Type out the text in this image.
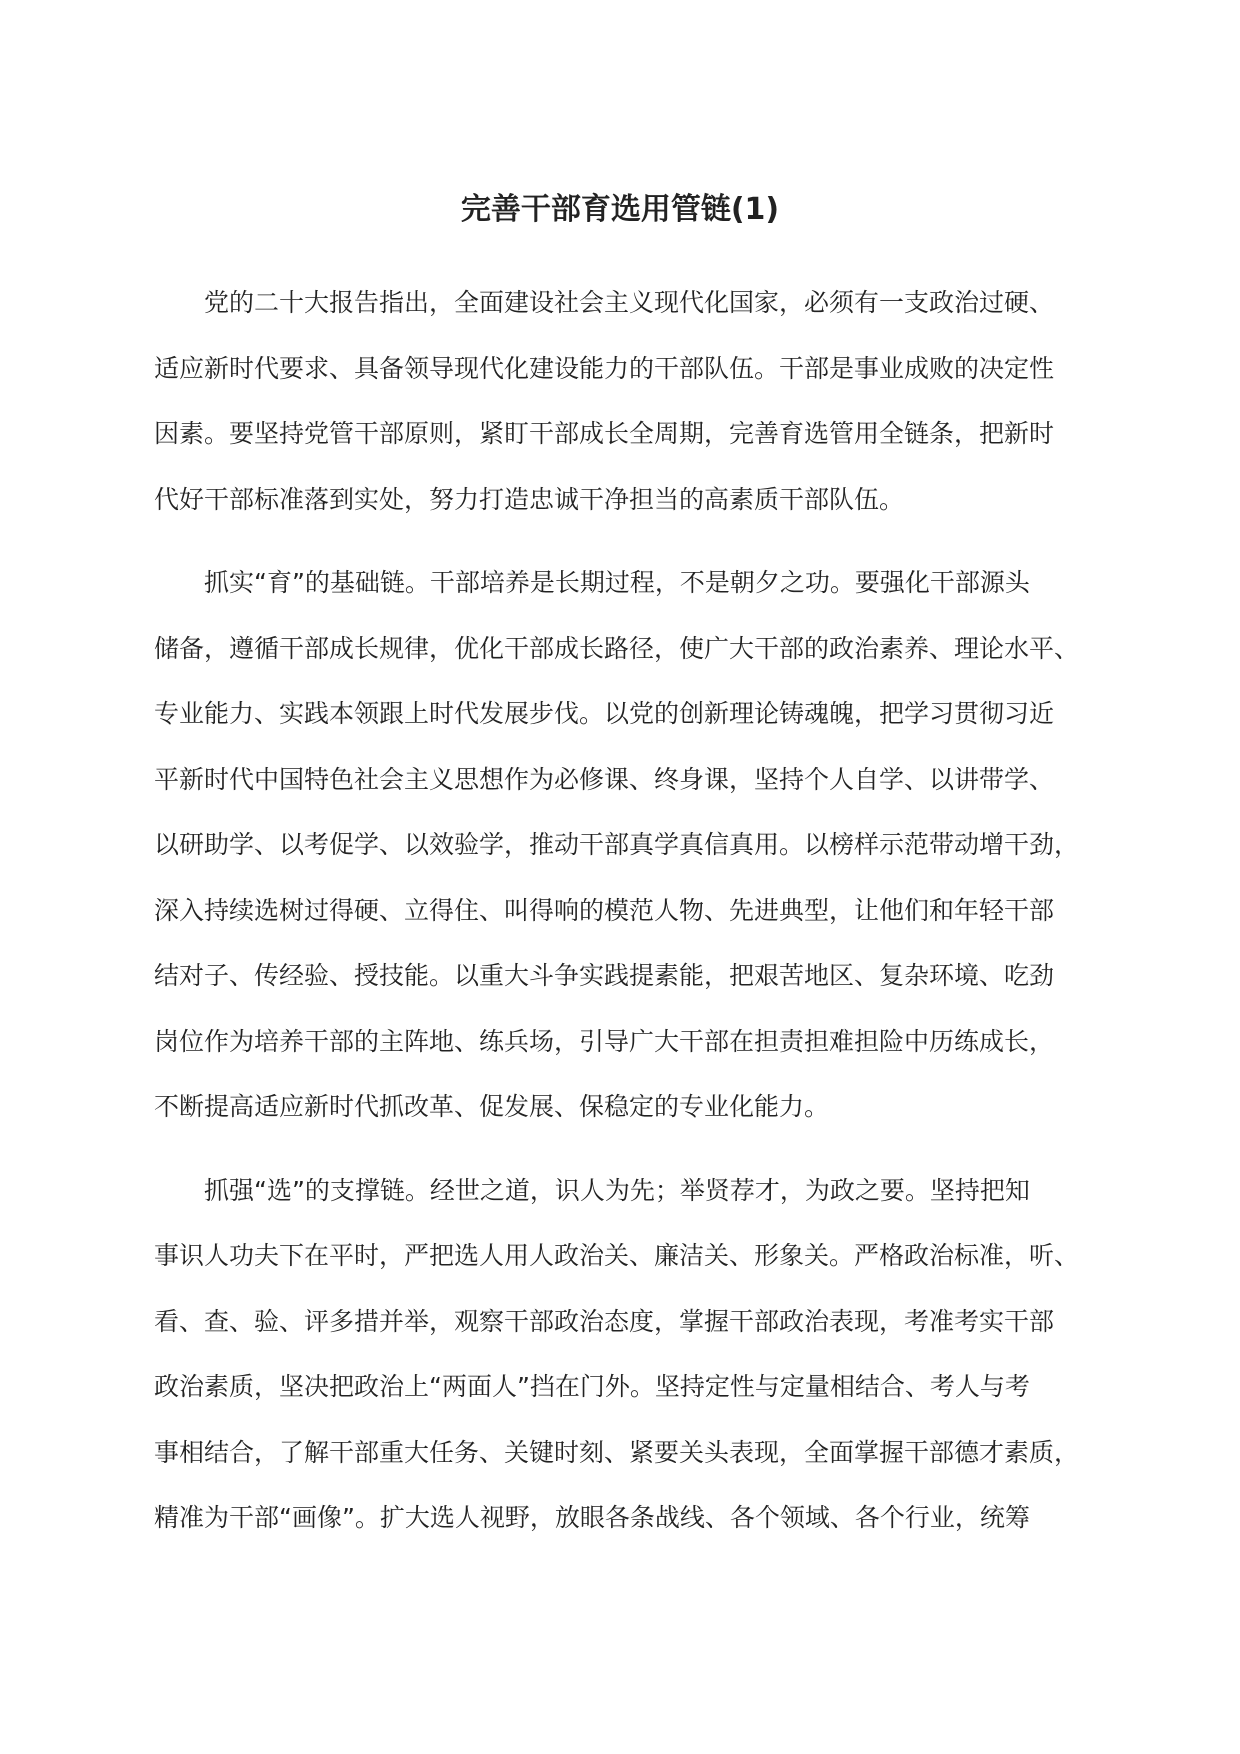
完善干部育选用管链(1)
党的二十大报告指出，全面建设社会主义现代化国家，必须有一支政治过硬、
适应新时代要求、具备领导现代化建设能力的干部队伍。干部是事业成败的决定性
因素。要坚持党管干部原则，紧盯干部成长全周期，完善育选管用全链条，把新时
代好干部标准落到实处，努力打造忠诚干净担当的高素质干部队伍。
抓实“育”的基础链。干部培养是长期过程，不是朝夕之功。要强化干部源头
储备，遵循干部成长规律，优化干部成长路径，使广大干部的政治素养、理论水平、
专业能力、实践本领跟上时代发展步伐。以党的创新理论铸魂魄，把学习贯彻习近
平新时代中国特色社会主义思想作为必修课、终身课，坚持个人自学、以讲带学、
以研助学、以考促学、以效验学，推动干部真学真信真用。以榜样示范带动增干劲，
深入持续选树过得硬、立得住、叫得响的模范人物、先进典型，让他们和年轻干部
结对子、传经验、授技能。以重大斗争实践提素能，把艰苦地区、复杂环境、吃劲
岗位作为培养干部的主阵地、练兵场，引导广大干部在担责担难担险中历练成长，
不断提高适应新时代抓改革、促发展、保稳定的专业化能力。
抓强“选”的支撑链。经世之道，识人为先；举贤荐才，为政之要。坚持把知
事识人功夫下在平时，严把选人用人政治关、廉洁关、形象关。严格政治标准，听、
看、查、验、评多措并举，观察干部政治态度，掌握干部政治表现，考准考实干部
政治素质，坚决把政治上“两面人”挡在门外。坚持定性与定量相结合、考人与考
事相结合，了解干部重大任务、关键时刻、紧要关头表现，全面掌握干部德才素质，
精准为干部“画像”。扩大选人视野，放眼各条战线、各个领域、各个行业，统筹
